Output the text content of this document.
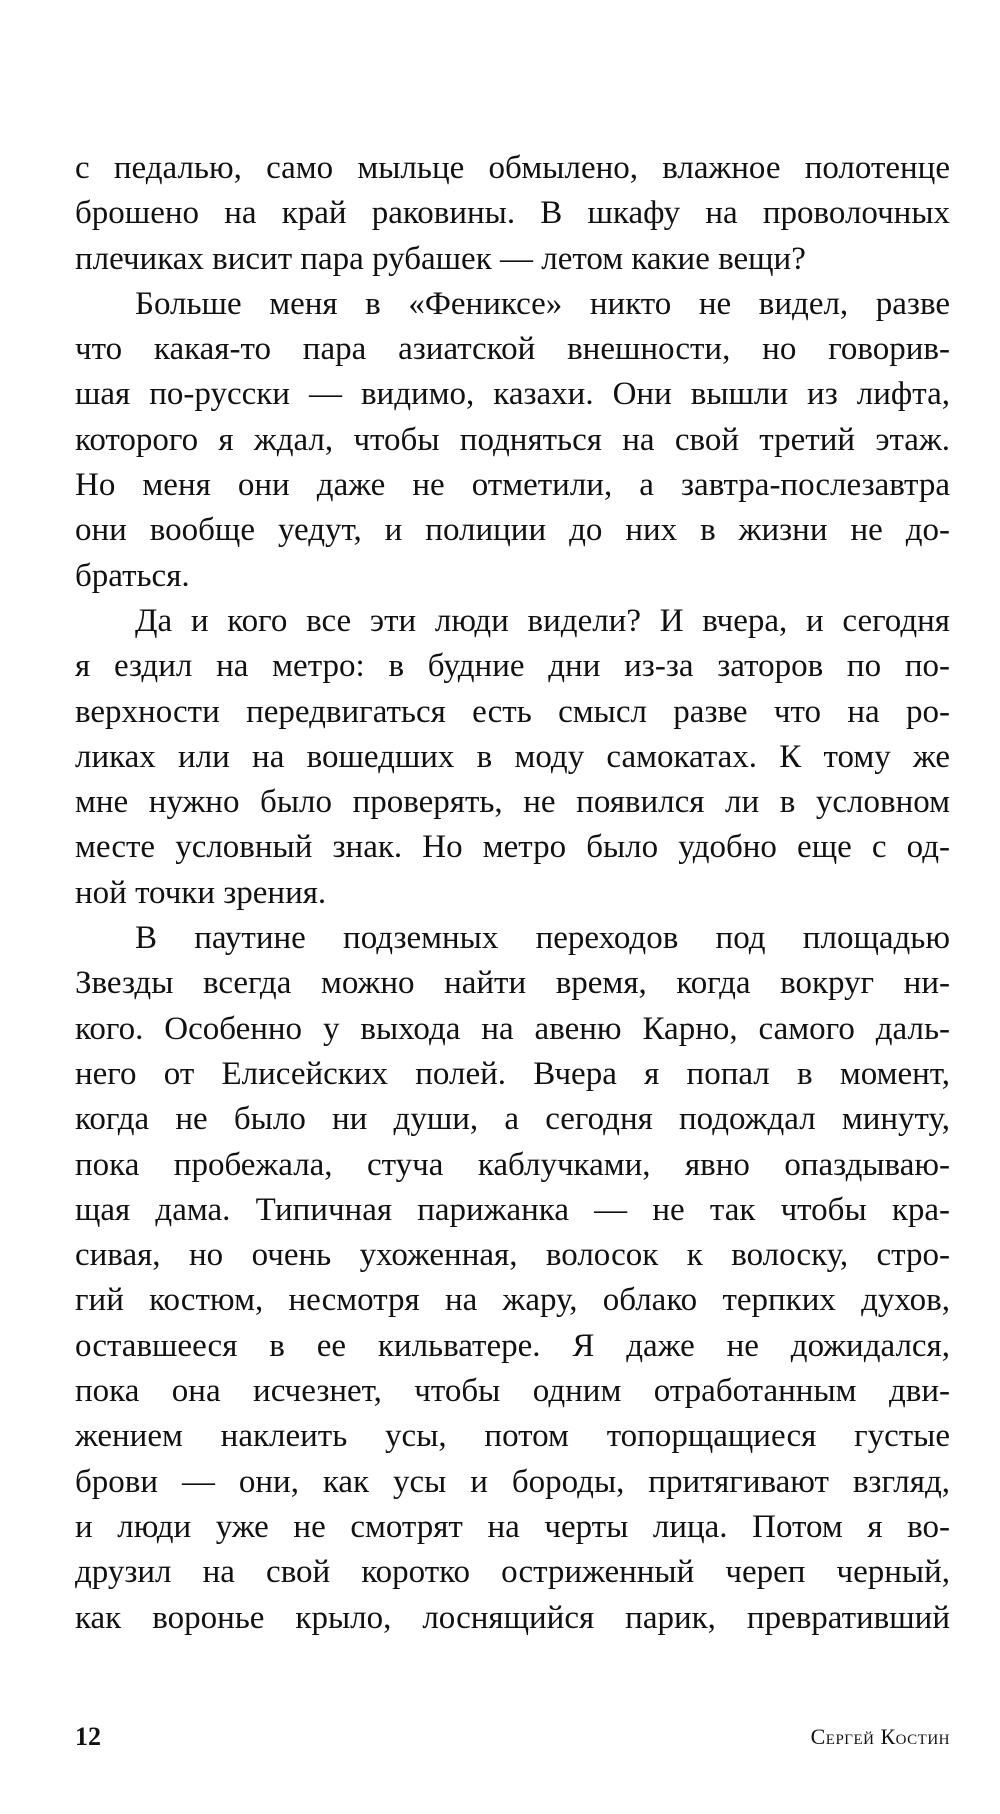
с педалью, само мыльце обмылено, влажное полотенце
брошено на край раковины. В шкафу на проволочных
плечиках висит пара рубашек — летом какие вещи?
Больше меня в «Фениксе» никто не видел, разве
что какая-то пара азиатской внешности, но говорив-
шая по-русски — видимо, казахи. Они вышли из лифта,
которого я ждал, чтобы подняться на свой третий этаж.
Но меня они даже не отметили, а завтра-послезавтра
они вообще уедут, и полиции до них в жизни не до-
браться.
Да и кого все эти люди видели? И вчера, и сегодня
я ездил на метро: в будние дни из-за заторов по по-
верхности передвигаться есть смысл разве что на ро-
ликах или на вошедших в моду самокатах. К тому же
мне нужно было проверять, не появился ли в условном
месте условный знак. Но метро было удобно еще с од-
ной точки зрения.
В паутине подземных переходов под площадью
Звезды всегда можно найти время, когда вокруг ни-
кого. Особенно у выхода на авеню Карно, самого даль-
него от Елисейских полей. Вчера я попал в момент,
когда не было ни души, а сегодня подождал минуту,
пока пробежала, стуча каблучками, явно опаздываю-
щая дама. Типичная парижанка — не так чтобы кра-
сивая, но очень ухоженная, волосок к волоску, стро-
гий костюм, несмотря на жару, облако терпких духов,
оставшееся в ее кильватере. Я даже не дожидался,
пока она исчезнет, чтобы одним отработанным дви-
жением наклеить усы, потом топорщащиеся густые
брови — они, как усы и бороды, притягивают взгляд,
и люди уже не смотрят на черты лица. Потом я во-
друзил на свой коротко остриженный череп черный,
как воронье крыло, лоснящийся парик, превративший
12	Сергей Костин
